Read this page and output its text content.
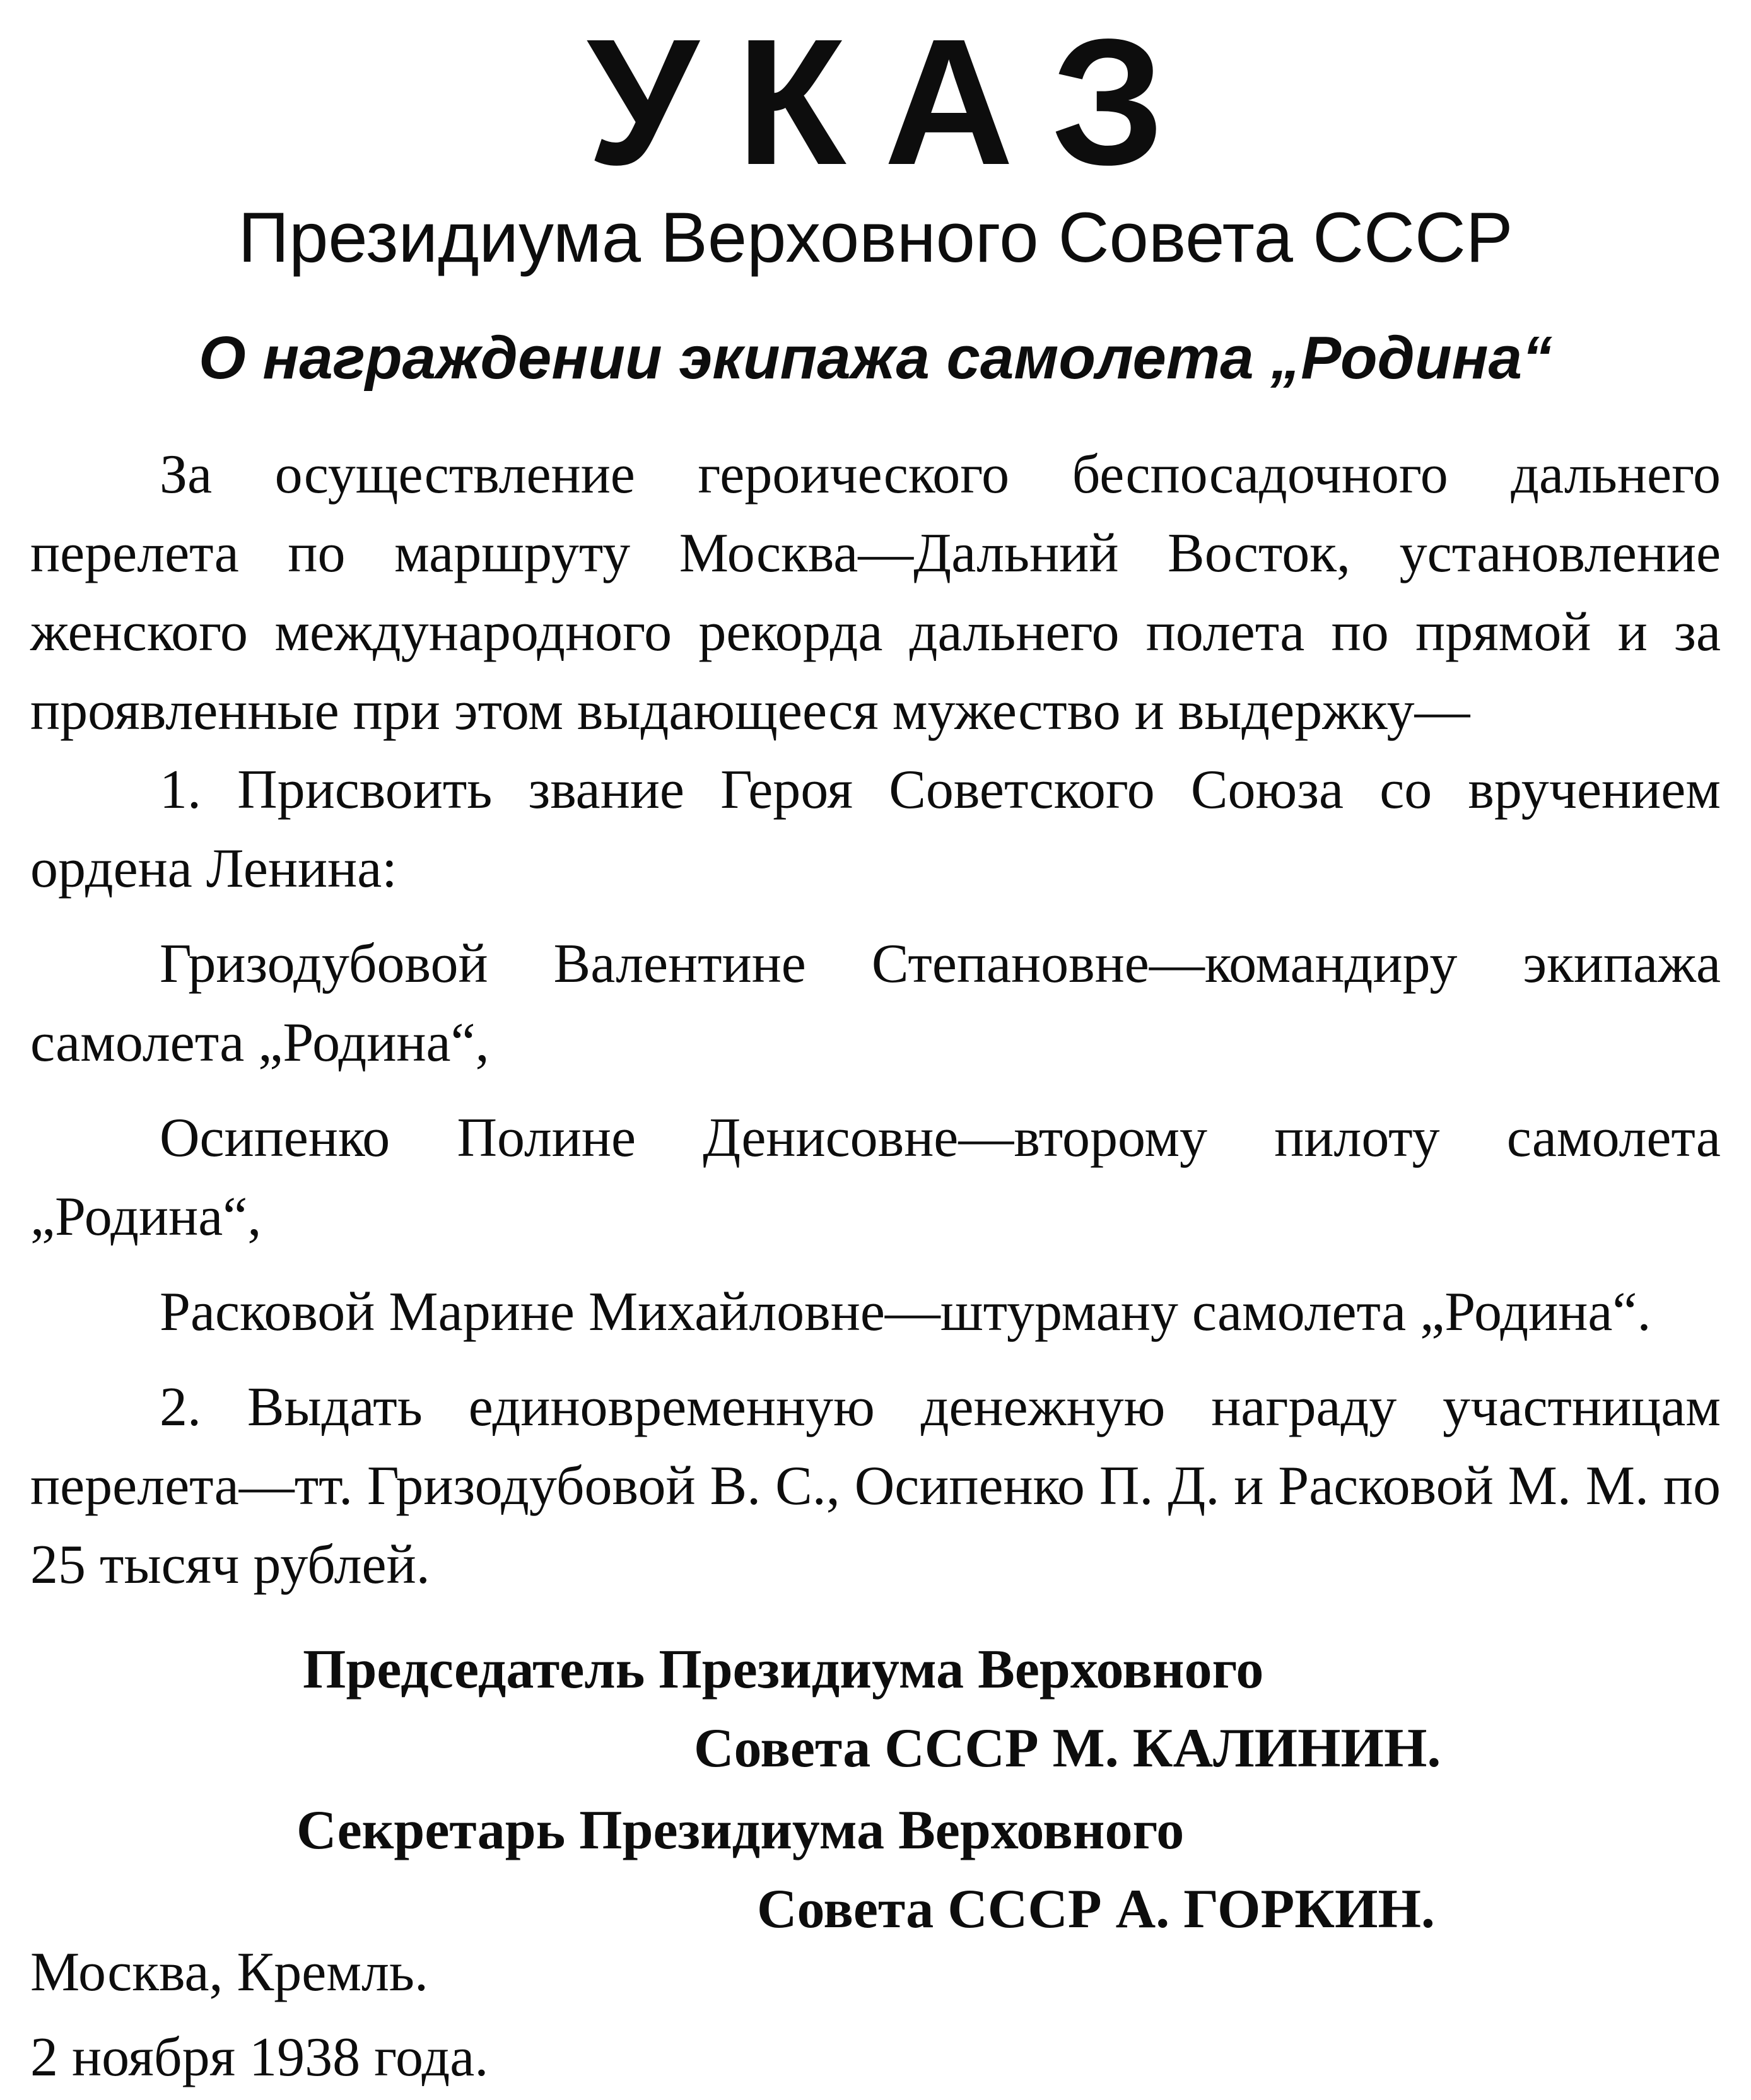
УКАЗ
Президиума Верховного Совета СССР
О награждении экипажа самолета „Родина“

За осуществление героического беспосадочного дальнего перелета по маршруту Москва—Дальний Восток, установление женского международного рекорда дальнего полета по прямой и за проявленные при этом выдающееся мужество и выдержку—

1. Присвоить звание Героя Советского Союза со вручением ордена Ленина:

Гризодубовой Валентине Степановне—командиру экипажа самолета „Родина“,

Осипенко Полине Денисовне—второму пилоту самолета „Родина“,

Расковой Марине Михайловне—штурману самолета „Родина“.

2. Выдать единовременную денежную награду участницам перелета—тт. Гризодубовой В. С., Осипенко П. Д. и Расковой М. М. по 25 тысяч рублей.

Председатель Президиума Верховного
Совета СССР М. КАЛИНИН.
Секретарь Президиума Верховного
Совета СССР А. ГОРКИН.
Москва, Кремль.
2 ноября 1938 года.
